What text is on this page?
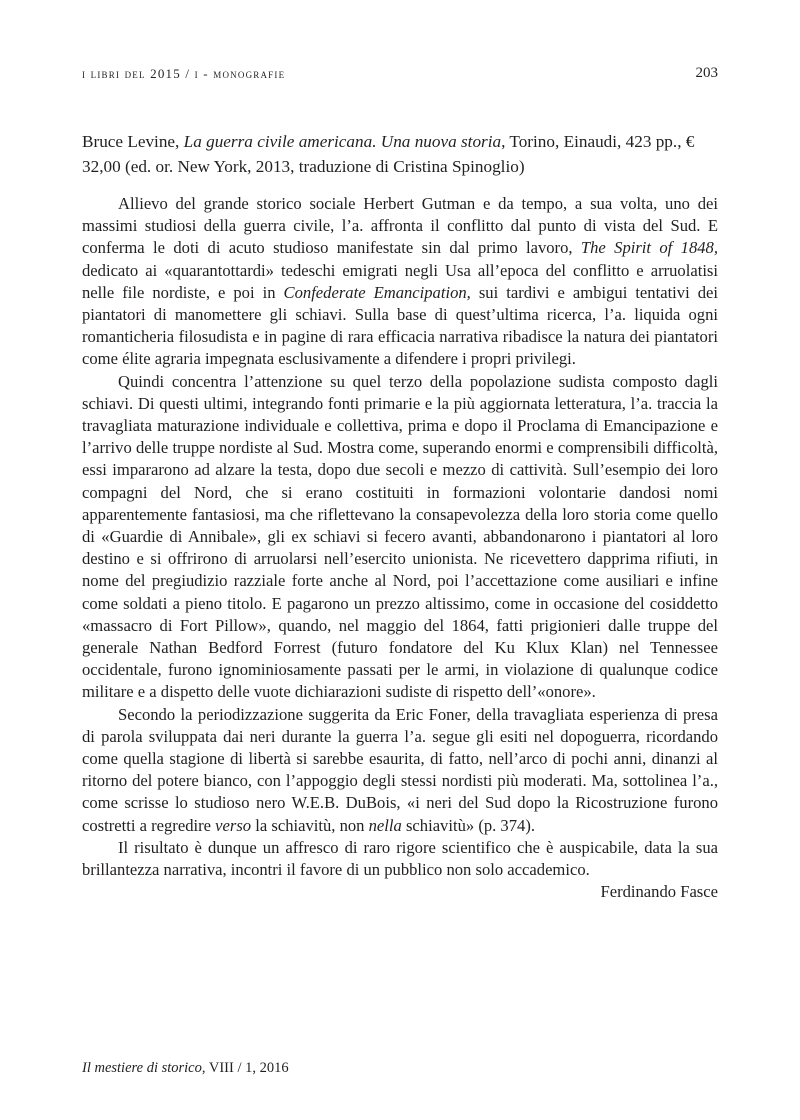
i libri del 2015 / i - monografie	203
Bruce Levine, La guerra civile americana. Una nuova storia, Torino, Einaudi, 423 pp., € 32,00 (ed. or. New York, 2013, traduzione di Cristina Spinoglio)

Allievo del grande storico sociale Herbert Gutman e da tempo, a sua volta, uno dei massimi studiosi della guerra civile, l’a. affronta il conflitto dal punto di vista del Sud. E conferma le doti di acuto studioso manifestate sin dal primo lavoro, The Spirit of 1848, dedicato ai «quarantottardi» tedeschi emigrati negli Usa all’epoca del conflitto e arruolatisi nelle file nordiste, e poi in Confederate Emancipation, sui tardivi e ambigui tentativi dei piantatori di manomettere gli schiavi. Sulla base di quest’ultima ricerca, l’a. liquida ogni romanticheria filosudista e in pagine di rara efficacia narrativa ribadisce la natura dei piantatori come élite agraria impegnata esclusivamente a difendere i propri privilegi.

Quindi concentra l’attenzione su quel terzo della popolazione sudista composto dagli schiavi. Di questi ultimi, integrando fonti primarie e la più aggiornata letteratura, l’a. traccia la travagliata maturazione individuale e collettiva, prima e dopo il Proclama di Emancipazione e l’arrivo delle truppe nordiste al Sud. Mostra come, superando enormi e comprensibili difficoltà, essi impararono ad alzare la testa, dopo due secoli e mezzo di cattività. Sull’esempio dei loro compagni del Nord, che si erano costituiti in formazioni volontarie dandosi nomi apparentemente fantasiosi, ma che riflettevano la consapevolezza della loro storia come quello di «Guardie di Annibale», gli ex schiavi si fecero avanti, abbandonarono i piantatori al loro destino e si offrirono di arruolarsi nell’esercito unionista. Ne ricevettero dapprima rifiuti, in nome del pregiudizio razziale forte anche al Nord, poi l’accettazione come ausiliari e infine come soldati a pieno titolo. E pagarono un prezzo altissimo, come in occasione del cosiddetto «massacro di Fort Pillow», quando, nel maggio del 1864, fatti prigionieri dalle truppe del generale Nathan Bedford Forrest (futuro fondatore del Ku Klux Klan) nel Tennessee occidentale, furono ignominiosamente passati per le armi, in violazione di qualunque codice militare e a dispetto delle vuote dichiarazioni sudiste di rispetto dell’«onore».

Secondo la periodizzazione suggerita da Eric Foner, della travagliata esperienza di presa di parola sviluppata dai neri durante la guerra l’a. segue gli esiti nel dopoguerra, ricordando come quella stagione di libertà si sarebbe esaurita, di fatto, nell’arco di pochi anni, dinanzi al ritorno del potere bianco, con l’appoggio degli stessi nordisti più moderati. Ma, sottolinea l’a., come scrisse lo studioso nero W.E.B. DuBois, «i neri del Sud dopo la Ricostruzione furono costretti a regredire verso la schiavitù, non nella schiavitù» (p. 374).

Il risultato è dunque un affresco di raro rigore scientifico che è auspicabile, data la sua brillantezza narrativa, incontri il favore di un pubblico non solo accademico.

Ferdinando Fasce

Il mestiere di storico, VIII / 1, 2016
